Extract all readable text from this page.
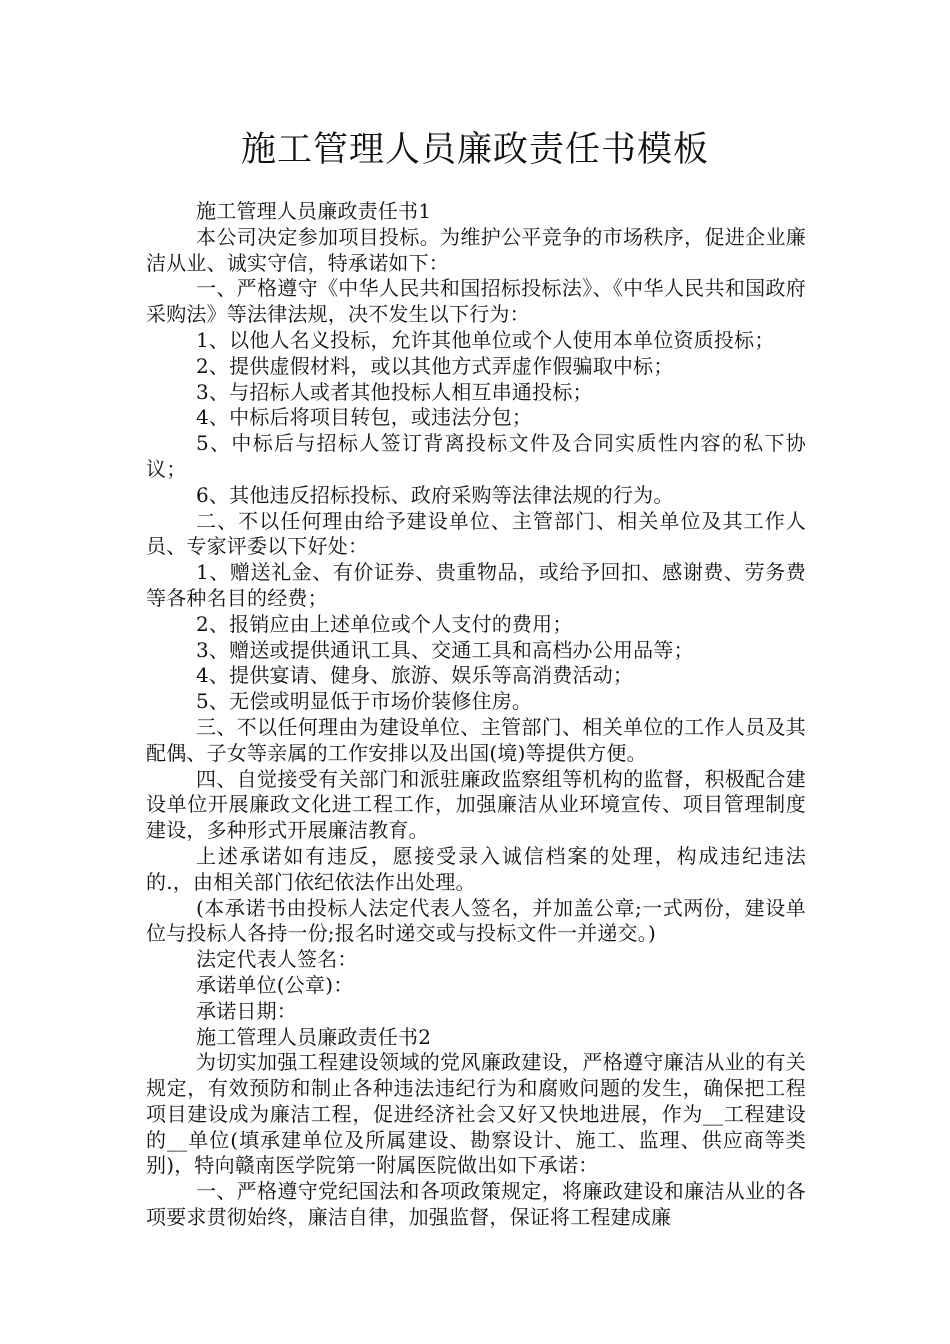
施工管理人员廉政责任书模板

施工管理人员廉政责任书1

本公司决定参加项目投标。为维护公平竞争的市场秩序，促进企业廉洁从业、诚实守信，特承诺如下：

一、严格遵守《中华人民共和国招标投标法》、《中华人民共和国政府采购法》等法律法规，决不发生以下行为：

1、以他人名义投标，允许其他单位或个人使用本单位资质投标；

2、提供虚假材料，或以其他方式弄虚作假骗取中标；

3、与招标人或者其他投标人相互串通投标；

4、中标后将项目转包，或违法分包；

5、中标后与招标人签订背离投标文件及合同实质性内容的私下协议；

6、其他违反招标投标、政府采购等法律法规的行为。

二、不以任何理由给予建设单位、主管部门、相关单位及其工作人员、专家评委以下好处：

1、赠送礼金、有价证券、贵重物品，或给予回扣、感谢费、劳务费等各种名目的经费；

2、报销应由上述单位或个人支付的费用；

3、赠送或提供通讯工具、交通工具和高档办公用品等；

4、提供宴请、健身、旅游、娱乐等高消费活动；

5、无偿或明显低于市场价装修住房。

三、不以任何理由为建设单位、主管部门、相关单位的工作人员及其配偶、子女等亲属的工作安排以及出国(境)等提供方便。

四、自觉接受有关部门和派驻廉政监察组等机构的监督，积极配合建设单位开展廉政文化进工程工作，加强廉洁从业环境宣传、项目管理制度建设，多种形式开展廉洁教育。

上述承诺如有违反，愿接受录入诚信档案的处理，构成违纪违法的.，由相关部门依纪依法作出处理。

(本承诺书由投标人法定代表人签名，并加盖公章;一式两份，建设单位与投标人各持一份;报名时递交或与投标文件一并递交。)

法定代表人签名：

承诺单位(公章)：

承诺日期：

施工管理人员廉政责任书2

为切实加强工程建设领域的党风廉政建设，严格遵守廉洁从业的有关规定，有效预防和制止各种违法违纪行为和腐败问题的发生，确保把工程项目建设成为廉洁工程，促进经济社会又好又快地进展，作为__工程建设的__单位(填承建单位及所属建设、勘察设计、施工、监理、供应商等类别)，特向赣南医学院第一附属医院做出如下承诺：

一、严格遵守党纪国法和各项政策规定，将廉政建设和廉洁从业的各项要求贯彻始终，廉洁自律，加强监督，保证将工程建成廉
